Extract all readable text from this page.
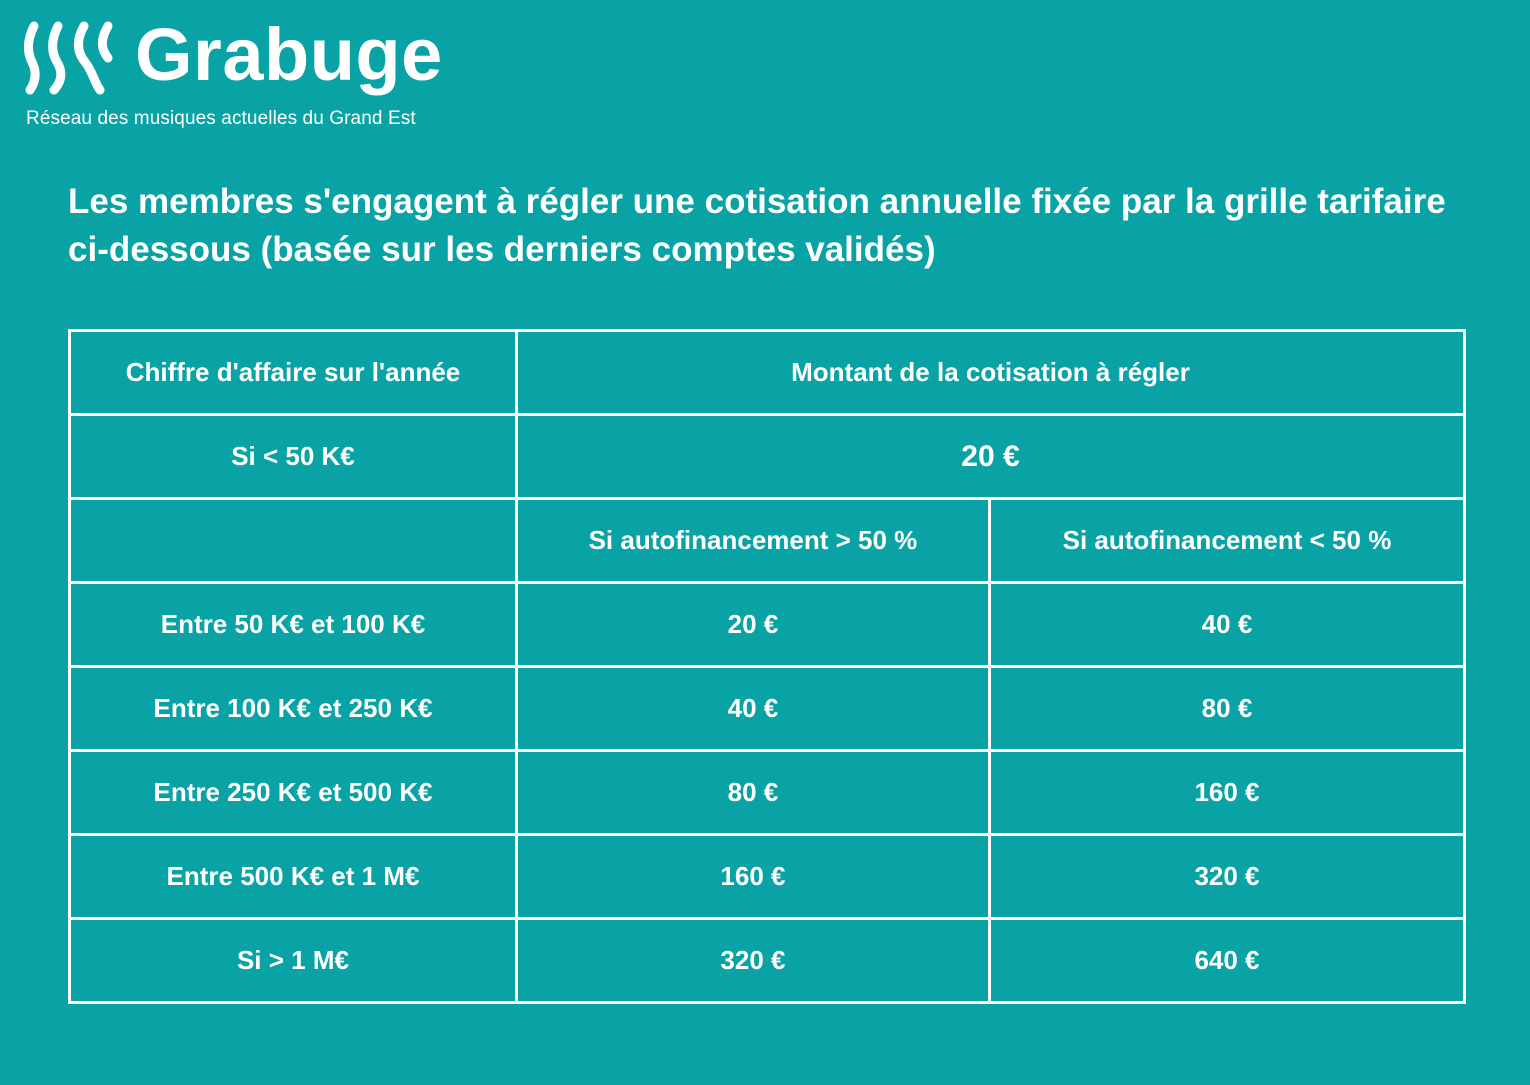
Grabuge
Réseau des musiques actuelles du Grand Est

Les membres s'engagent à régler une cotisation annuelle fixée par la grille tarifaire ci-dessous (basée sur les derniers comptes validés)

Chiffre d'affaire sur l'année	Montant de la cotisation à régler	
Si < 50 K€	20 €	
	Si autofinancement > 50 %	Si autofinancement < 50 %
Entre 50 K€ et 100 K€	20 €	40 €
Entre 100 K€ et 250 K€	40 €	80 €
Entre 250 K€ et 500 K€	80 €	160 €
Entre 500 K€ et 1 M€	160 €	320 €
Si > 1 M€	320 €	640 €
